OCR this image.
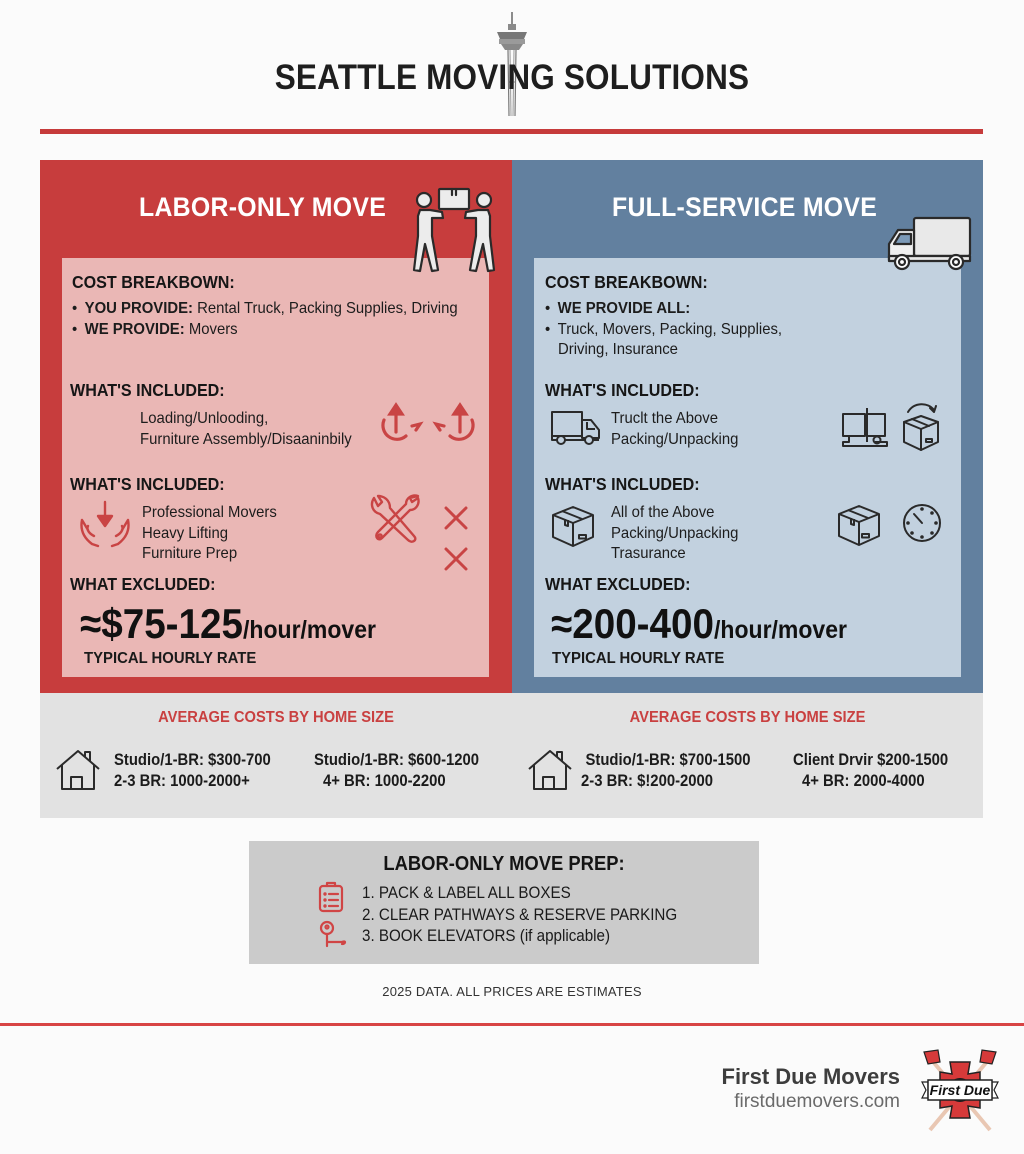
SEATTLE MOVING SOLUTIONS
LABOR-ONLY MOVE	FULL-SERVICE MOVE
COST BREAKBOWN:
• YOU PROVIDE: Rental Truck, Packing Supplies, Driving
• WE PROVIDE: Movers
WHAT'S INCLUDED:
Loading/Unlooding,
Furniture Assembly/Disaaninbily
WHAT'S INCLUDED:
Professional Movers
Heavy Lifting
Furniture Prep
WHAT EXCLUDED:
≈$75-125/hour/mover
TYPICAL HOURLY RATE
COST BREAKBOWN:
• WE PROVIDE ALL:
• Truck, Movers, Packing, Supplies,
Driving, Insurance
WHAT'S INCLUDED:
Truclt the Above
Packing/Unpacking
WHAT'S INCLUDED:
All of the Above
Packing/Unpacking
Trasurance
WHAT EXCLUDED:
≈200-400/hour/mover
TYPICAL HOURLY RATE
AVERAGE COSTS BY HOME SIZE
Studio/1-BR: $300-700
2-3 BR: 1000-2000+
Studio/1-BR: $600-1200
4+ BR: 1000-2200
AVERAGE COSTS BY HOME SIZE
Studio/1-BR: $700-1500
2-3 BR: $!200-2000
Client Drvir $200-1500
4+ BR: 2000-4000
LABOR-ONLY MOVE PREP:
1. PACK & LABEL ALL BOXES
2. CLEAR PATHWAYS & RESERVE PARKING
3. BOOK ELEVATORS (if applicable)
2025 DATA. ALL PRICES ARE ESTIMATES
First Due Movers
firstduemovers.com
First Due
